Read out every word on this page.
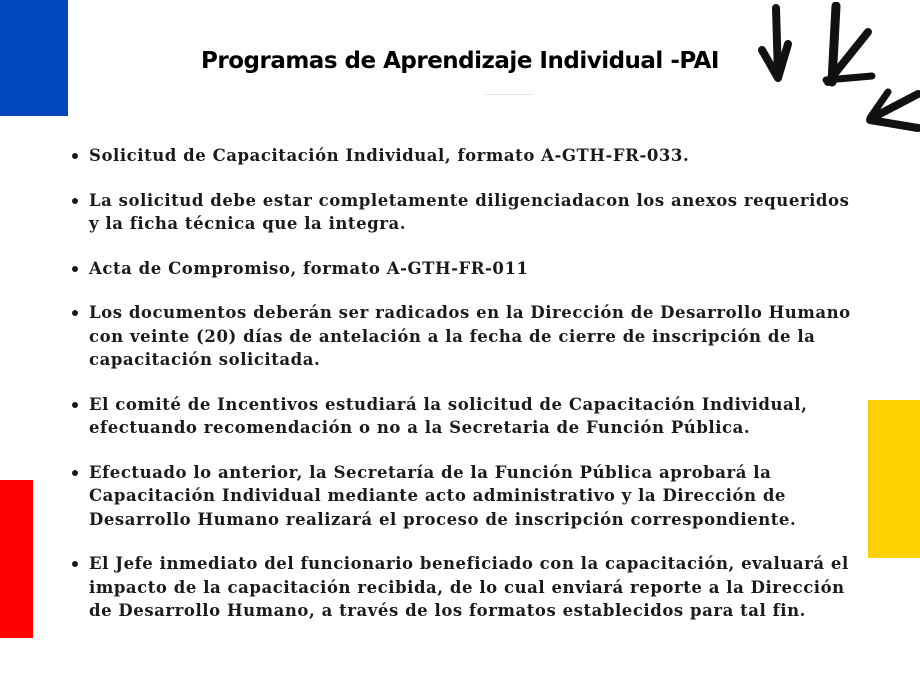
Programas de Aprendizaje Individual -PAI
Solicitud de Capacitación Individual, formato A-GTH-FR-033.
La solicitud debe estar completamente diligenciadacon los anexos requeridos y la ficha técnica que la integra.
Acta de Compromiso, formato A-GTH-FR-011
Los documentos deberán ser radicados en la Dirección de Desarrollo Humano con veinte (20) días de antelación a la fecha de cierre de inscripción de la capacitación solicitada.
El comité de Incentivos estudiará la solicitud de Capacitación Individual, efectuando recomendación o no a la Secretaria de Función Pública.
Efectuado lo anterior, la Secretaría de la Función Pública aprobará la Capacitación Individual mediante acto administrativo y la Dirección de Desarrollo Humano realizará el proceso de inscripción correspondiente.
El Jefe inmediato del funcionario beneficiado con la capacitación, evaluará el impacto de la capacitación recibida, de lo cual enviará reporte a la Dirección de Desarrollo Humano, a través de los formatos establecidos para tal fin.
